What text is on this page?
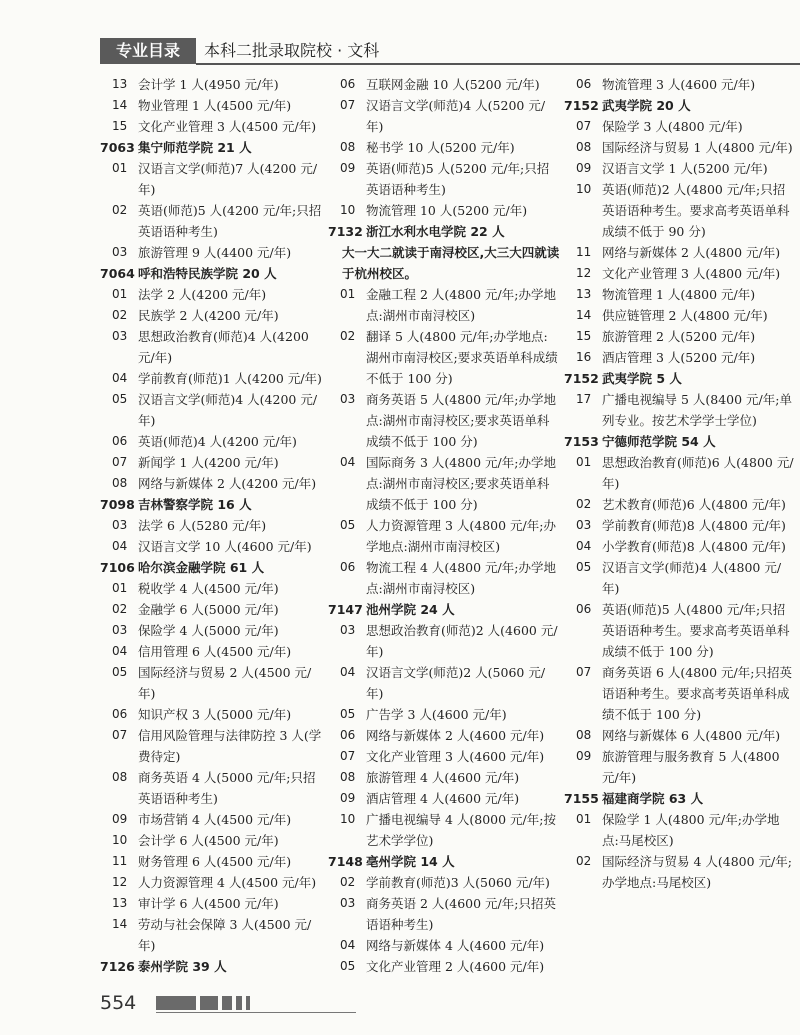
专业目录	本科二批录取院校 · 文科
13 会计学 1 人(4950 元/年)
14 物业管理 1 人(4500 元/年)
15 文化产业管理 3 人(4500 元/年)
7063 集宁师范学院 21 人
01 汉语言文学(师范)7 人(4200 元/年)
02 英语(师范)5 人(4200 元/年;只招英语语种考生)
03 旅游管理 9 人(4400 元/年)
7064 呼和浩特民族学院 20 人
01 法学 2 人(4200 元/年)
02 民族学 2 人(4200 元/年)
03 思想政治教育(师范)4 人(4200 元/年)
04 学前教育(师范)1 人(4200 元/年)
05 汉语言文学(师范)4 人(4200 元/年)
06 英语(师范)4 人(4200 元/年)
07 新闻学 1 人(4200 元/年)
08 网络与新媒体 2 人(4200 元/年)
7098 吉林警察学院 16 人
03 法学 6 人(5280 元/年)
04 汉语言文学 10 人(4600 元/年)
7106 哈尔滨金融学院 61 人
01 税收学 4 人(4500 元/年)
02 金融学 6 人(5000 元/年)
03 保险学 4 人(5000 元/年)
04 信用管理 6 人(4500 元/年)
05 国际经济与贸易 2 人(4500 元/年)
06 知识产权 3 人(5000 元/年)
07 信用风险管理与法律防控 3 人(学费待定)
08 商务英语 4 人(5000 元/年;只招英语语种考生)
09 市场营销 4 人(4500 元/年)
10 会计学 6 人(4500 元/年)
11 财务管理 6 人(4500 元/年)
12 人力资源管理 4 人(4500 元/年)
13 审计学 6 人(4500 元/年)
14 劳动与社会保障 3 人(4500 元/年)
7126 泰州学院 39 人
06 互联网金融 10 人(5200 元/年)
07 汉语言文学(师范)4 人(5200 元/年)
08 秘书学 10 人(5200 元/年)
09 英语(师范)5 人(5200 元/年;只招英语语种考生)
10 物流管理 10 人(5200 元/年)
7132 浙江水利水电学院 22 人
大一大二就读于南浔校区,大三大四就读于杭州校区。
01 金融工程 2 人(4800 元/年;办学地点:湖州市南浔校区)
02 翻译 5 人(4800 元/年;办学地点:湖州市南浔校区;要求英语单科成绩不低于 100 分)
03 商务英语 5 人(4800 元/年;办学地点:湖州市南浔校区;要求英语单科成绩不低于 100 分)
04 国际商务 3 人(4800 元/年;办学地点:湖州市南浔校区;要求英语单科成绩不低于 100 分)
05 人力资源管理 3 人(4800 元/年;办学地点:湖州市南浔校区)
06 物流工程 4 人(4800 元/年;办学地点:湖州市南浔校区)
7147 池州学院 24 人
03 思想政治教育(师范)2 人(4600 元/年)
04 汉语言文学(师范)2 人(5060 元/年)
05 广告学 3 人(4600 元/年)
06 网络与新媒体 2 人(4600 元/年)
07 文化产业管理 3 人(4600 元/年)
08 旅游管理 4 人(4600 元/年)
09 酒店管理 4 人(4600 元/年)
10 广播电视编导 4 人(8000 元/年;按艺术学学位)
7148 亳州学院 14 人
02 学前教育(师范)3 人(5060 元/年)
03 商务英语 2 人(4600 元/年;只招英语语种考生)
04 网络与新媒体 4 人(4600 元/年)
05 文化产业管理 2 人(4600 元/年)
06 物流管理 3 人(4600 元/年)
7152 武夷学院 20 人
07 保险学 3 人(4800 元/年)
08 国际经济与贸易 1 人(4800 元/年)
09 汉语言文学 1 人(5200 元/年)
10 英语(师范)2 人(4800 元/年;只招英语语种考生。要求高考英语单科成绩不低于 90 分)
11 网络与新媒体 2 人(4800 元/年)
12 文化产业管理 3 人(4800 元/年)
13 物流管理 1 人(4800 元/年)
14 供应链管理 2 人(4800 元/年)
15 旅游管理 2 人(5200 元/年)
16 酒店管理 3 人(5200 元/年)
7152 武夷学院 5 人
17 广播电视编导 5 人(8400 元/年;单列专业。按艺术学学士学位)
7153 宁德师范学院 54 人
01 思想政治教育(师范)6 人(4800 元/年)
02 艺术教育(师范)6 人(4800 元/年)
03 学前教育(师范)8 人(4800 元/年)
04 小学教育(师范)8 人(4800 元/年)
05 汉语言文学(师范)4 人(4800 元/年)
06 英语(师范)5 人(4800 元/年;只招英语语种考生。要求高考英语单科成绩不低于 100 分)
07 商务英语 6 人(4800 元/年;只招英语语种考生。要求高考英语单科成绩不低于 100 分)
08 网络与新媒体 6 人(4800 元/年)
09 旅游管理与服务教育 5 人(4800 元/年)
7155 福建商学院 63 人
01 保险学 1 人(4800 元/年;办学地点:马尾校区)
02 国际经济与贸易 4 人(4800 元/年;办学地点:马尾校区)
554
